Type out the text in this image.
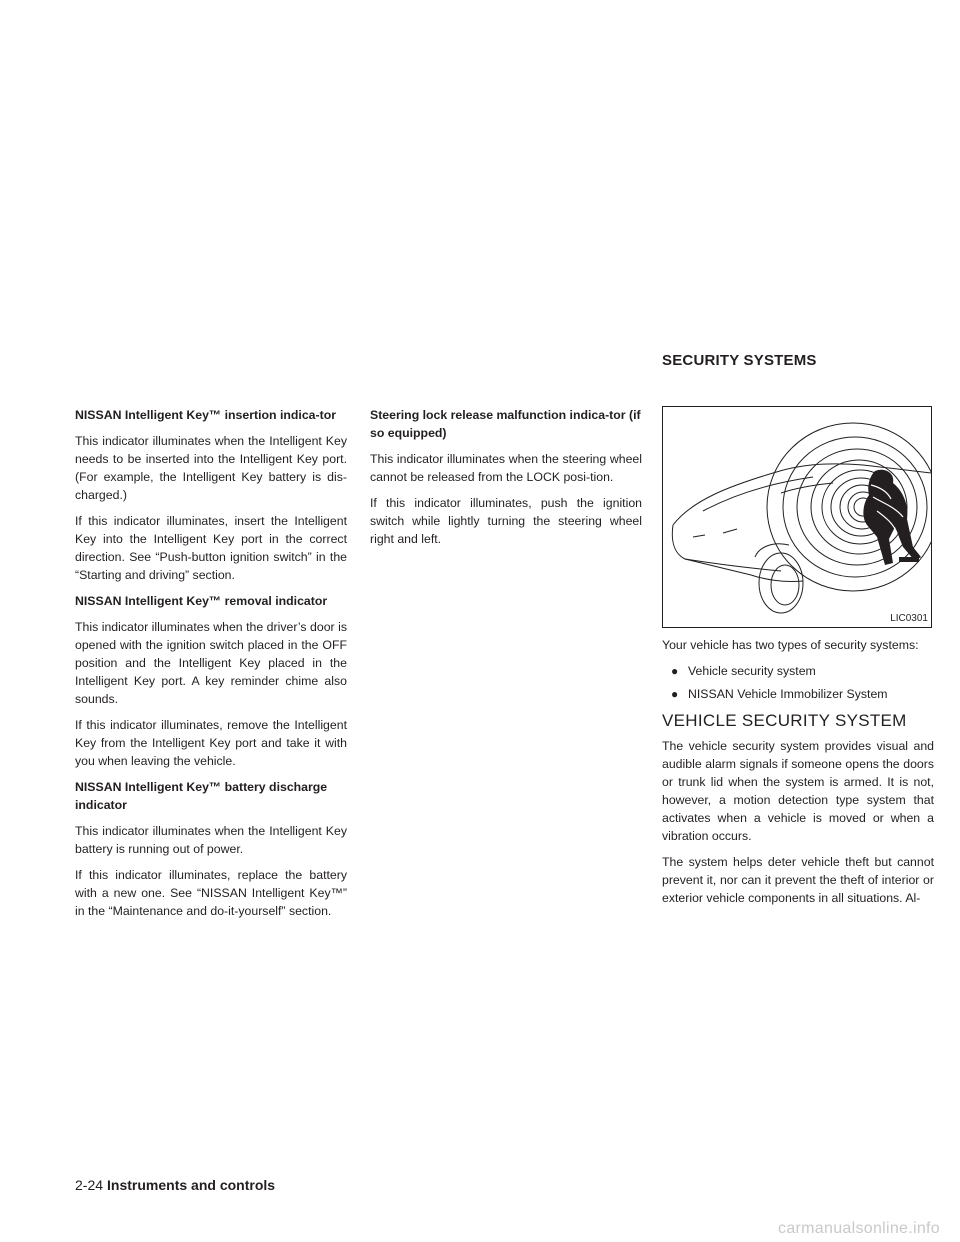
SECURITY SYSTEMS
NISSAN Intelligent Key™ insertion indica-tor

This indicator illuminates when the Intelligent Key needs to be inserted into the Intelligent Key port. (For example, the Intelligent Key battery is dis-charged.)

If this indicator illuminates, insert the Intelligent Key into the Intelligent Key port in the correct direction. See “Push-button ignition switch” in the “Starting and driving” section.

NISSAN Intelligent Key™ removal indicator

This indicator illuminates when the driver’s door is opened with the ignition switch placed in the OFF position and the Intelligent Key placed in the Intelligent Key port. A key reminder chime also sounds.

If this indicator illuminates, remove the Intelligent Key from the Intelligent Key port and take it with you when leaving the vehicle.

NISSAN Intelligent Key™ battery discharge indicator

This indicator illuminates when the Intelligent Key battery is running out of power.

If this indicator illuminates, replace the battery with a new one. See “NISSAN Intelligent Key™” in the “Maintenance and do-it-yourself” section.

Steering lock release malfunction indica-tor (if so equipped)

This indicator illuminates when the steering wheel cannot be released from the LOCK posi-tion.

If this indicator illuminates, push the ignition switch while lightly turning the steering wheel right and left.

LIC0301

Your vehicle has two types of security systems:

● Vehicle security system
● NISSAN Vehicle Immobilizer System
VEHICLE SECURITY SYSTEM

The vehicle security system provides visual and audible alarm signals if someone opens the doors or trunk lid when the system is armed. It is not, however, a motion detection type system that activates when a vehicle is moved or when a vibration occurs.

The system helps deter vehicle theft but cannot prevent it, nor can it prevent the theft of interior or exterior vehicle components in all situations. Al-

2-24 Instruments and controls
carmanualsonline.info
